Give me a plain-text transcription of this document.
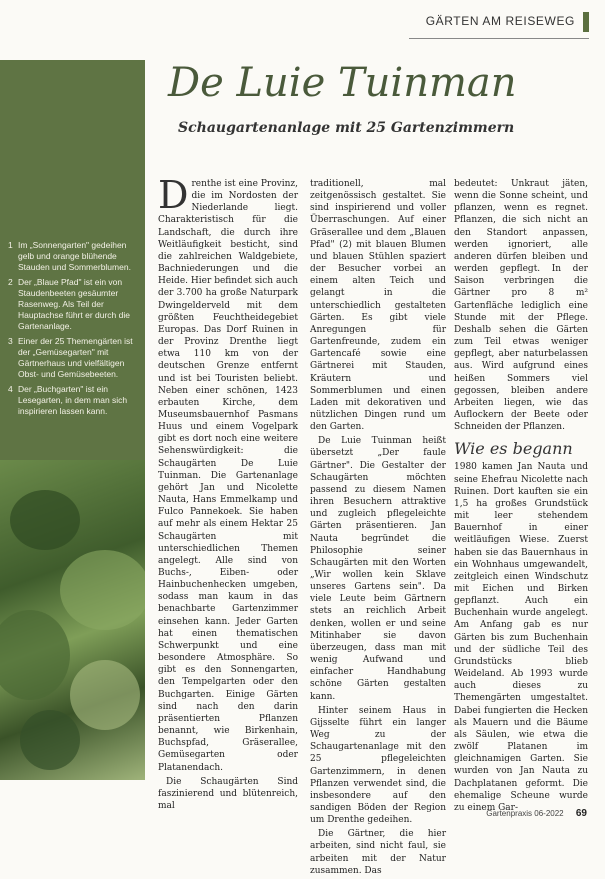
GÄRTEN AM REISEWEG
1 Im „Sonnengarten" gedeihen gelb und orange blühende Stauden und Sommerblumen.
2 Der „Blaue Pfad" ist ein von Staudenbeeten gesäumter Rasenweg. Als Teil der Hauptachse führt er durch die Gartenanlage.
3 Einer der 25 Themengärten ist der „Gemüsegarten" mit Gärtnerhaus und vielfältigen Obst- und Gemüsebeeten.
4 Der „Buchgarten" ist ein Lesegarten, in dem man sich inspirieren lassen kann.
De Luie Tuinman
Schaugartenanlage mit 25 Gartenzimmern
D renthe ist eine Provinz, die im Nordosten der Niederlande liegt. Charakteristisch für die Landschaft, die durch ihre Weitläufigkeit besticht, sind die zahlreichen Waldgebiete, Bachniederungen und die Heide. Hier befindet sich auch der 3.700 ha große Naturpark Dwingelderveld mit dem größten Feuchtheidegebiet Europas. Das Dorf Ruinen in der Provinz Drenthe liegt etwa 110 km von der deutschen Grenze entfernt und ist bei Touristen beliebt. Neben einer schönen, 1423 erbauten Kirche, dem Museumsbauernhof Pasmans Huus und einem Vogelpark gibt es dort noch eine weitere Sehenswürdigkeit: die Schaugärten De Luie Tuinman. Die Gartenanlage gehört Jan und Nicolette Nauta, Hans Emmelkamp und Fulco Pannekoek. Sie haben auf mehr als einem Hektar 25 Schaugärten mit unterschiedlichen Themen angelegt. Alle sind von Buchs-, Eiben- oder Hainbuchenhecken umgeben, sodass man kaum in das benachbarte Gartenzimmer einsehen kann. Jeder Garten hat einen thematischen Schwerpunkt und eine besondere Atmosphäre. So gibt es den Sonnengarten, den Tempelgarten oder den Buchgarten. Einige Gärten sind nach den darin präsentierten Pflanzen benannt, wie Birkenhain, Buchspfad, Gräserallee, Gemüsegarten oder Platanendach.

Die Schaugärten Sind faszinierend und blütenreich, mal

traditionell, mal zeitgenössisch gestaltet. Sie sind inspirierend und voller Überraschungen. Auf einer Gräserallee und dem „Blauen Pfad" (2) mit blauen Blumen und blauen Stühlen spaziert der Besucher vorbei an einem alten Teich und gelangt in die unterschiedlich gestalteten Gärten. Es gibt viele Anregungen für Gartenfreunde, zudem ein Gartencafé sowie eine Gärtnerei mit Stauden, Kräutern und Sommerblumen und einen Laden mit dekorativen und nützlichen Dingen rund um den Garten.

De Luie Tuinman heißt übersetzt „Der faule Gärtner". Die Gestalter der Schaugärten möchten passend zu diesem Namen ihren Besuchern attraktive und zugleich pflegeleichte Gärten präsentieren. Jan Nauta begründet die Philosophie seiner Schaugärten mit den Worten „Wir wollen kein Sklave unseres Gartens sein". Da viele Leute beim Gärtnern stets an reichlich Arbeit denken, wollen er und seine Mitinhaber sie davon überzeugen, dass man mit wenig Aufwand und einfacher Handhabung schöne Gärten gestalten kann.

Hinter seinem Haus in Gijsselte führt ein langer Weg zu der Schaugartenanlage mit den 25 pflegeleichten Gartenzimmern, in denen Pflanzen verwendet sind, die insbesondere auf den sandigen Böden der Region um Drenthe gedeihen.

Die Gärtner, die hier arbeiten, sind nicht faul, sie arbeiten mit der Natur zusammen. Das

bedeutet: Unkraut jäten, wenn die Sonne scheint, und pflanzen, wenn es regnet. Pflanzen, die sich nicht an den Standort anpassen, werden ignoriert, alle anderen dürfen bleiben und werden gepflegt. In der Saison verbringen die Gärtner pro 8 m² Gartenfläche lediglich eine Stunde mit der Pflege. Deshalb sehen die Gärten zum Teil etwas weniger gepflegt, aber naturbelassen aus. Wird aufgrund eines heißen Sommers viel gegossen, bleiben andere Arbeiten liegen, wie das Auflockern der Beete oder Schneiden der Pflanzen.

Wie es begann

1980 kamen Jan Nauta und seine Ehefrau Nicolette nach Ruinen. Dort kauften sie ein 1,5 ha großes Grundstück mit leer stehendem Bauernhof in einer weitläufigen Wiese. Zuerst haben sie das Bauernhaus in ein Wohnhaus umgewandelt, zeitgleich einen Windschutz mit Eichen und Birken gepflanzt. Auch ein Buchenhain wurde angelegt. Am Anfang gab es nur Gärten bis zum Buchenhain und der südliche Teil des Grundstücks blieb Weideland. Ab 1993 wurde auch dieses zu Themengärten umgestaltet. Dabei fungierten die Hecken als Mauern und die Bäume als Säulen, wie etwa die zwölf Platanen im gleichnamigen Garten. Sie wurden von Jan Nauta zu Dachplatanen geformt. Die ehemalige Scheune wurde zu einem Gar-

Gartenpraxis 06-2022 69
